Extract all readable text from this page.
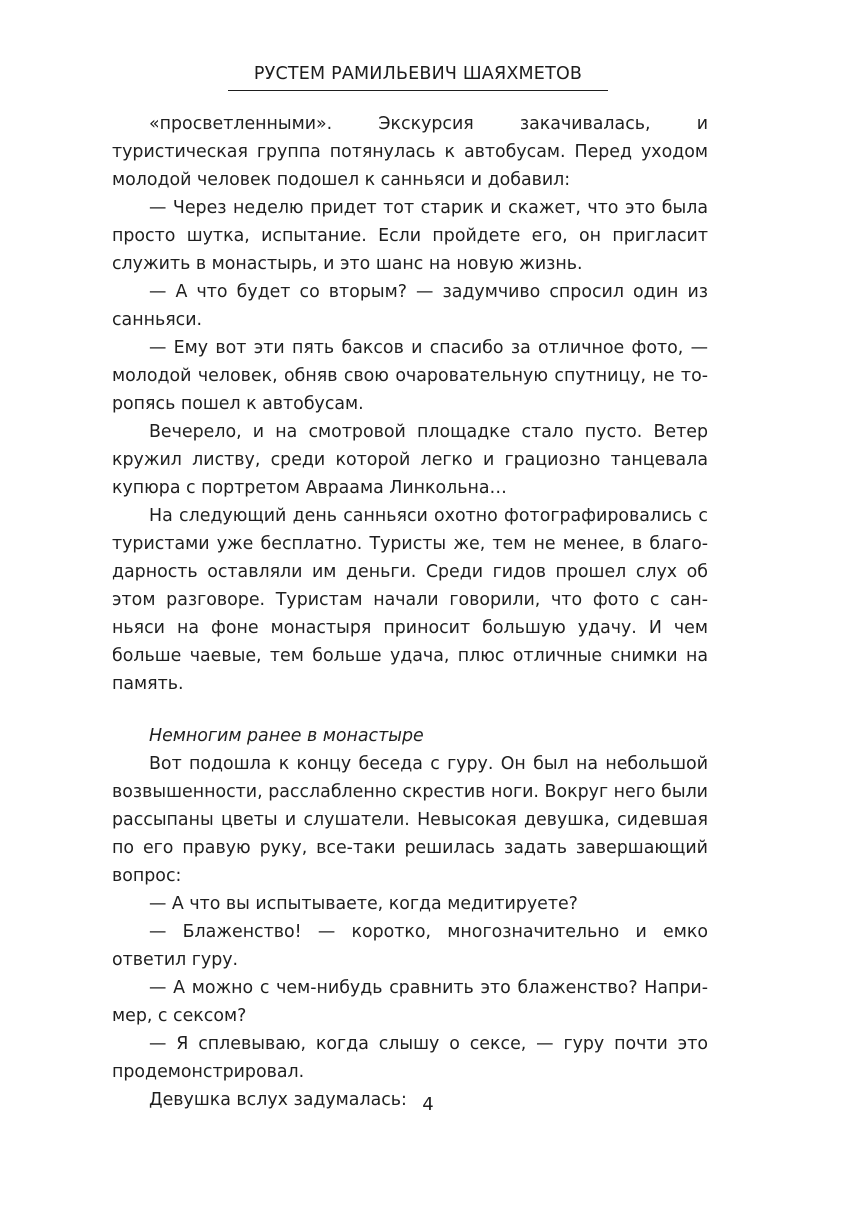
РУСТЕМ РАМИЛЬЕВИЧ ШАЯХМЕТОВ

«просветленными». Экскурсия закачивалась, и туристическая группа потянулась к автобусам. Перед уходом молодой человек подошел к санньяси и добавил:

— Через неделю придет тот старик и скажет, что это была просто шутка, испытание. Если пройдете его, он пригласит служить в монастырь, и это шанс на новую жизнь.

— А что будет со вторым? — задумчиво спросил один из санньяси.

— Ему вот эти пять баксов и спасибо за отличное фото, — молодой человек, обняв свою очаровательную спутницу, не торопясь пошел к автобусам.

Вечерело, и на смотровой площадке стало пусто. Ветер кружил листву, среди которой легко и грациозно танцевала купюра с портретом Авраама Линкольна…

На следующий день санньяси охотно фотографировались с туристами уже бесплатно. Туристы же, тем не менее, в благодарность оставляли им деньги. Среди гидов прошел слух об этом разговоре. Туристам начали говорили, что фото с санньяси на фоне монастыря приносит большую удачу. И чем больше чаевые, тем больше удача, плюс отличные снимки на память.

Немногим ранее в монастыре

Вот подошла к концу беседа с гуру. Он был на небольшой возвышенности, расслабленно скрестив ноги. Вокруг него были рассыпаны цветы и слушатели. Невысокая девушка, сидевшая по его правую руку, все-таки решилась задать завершающий вопрос:

— А что вы испытываете, когда медитируете?

— Блаженство! — коротко, многозначительно и емко ответил гуру.

— А можно с чем-нибудь сравнить это блаженство? Например, с сексом?

— Я сплевываю, когда слышу о сексе, — гуру почти это продемонстрировал.

Девушка вслух задумалась: 4
